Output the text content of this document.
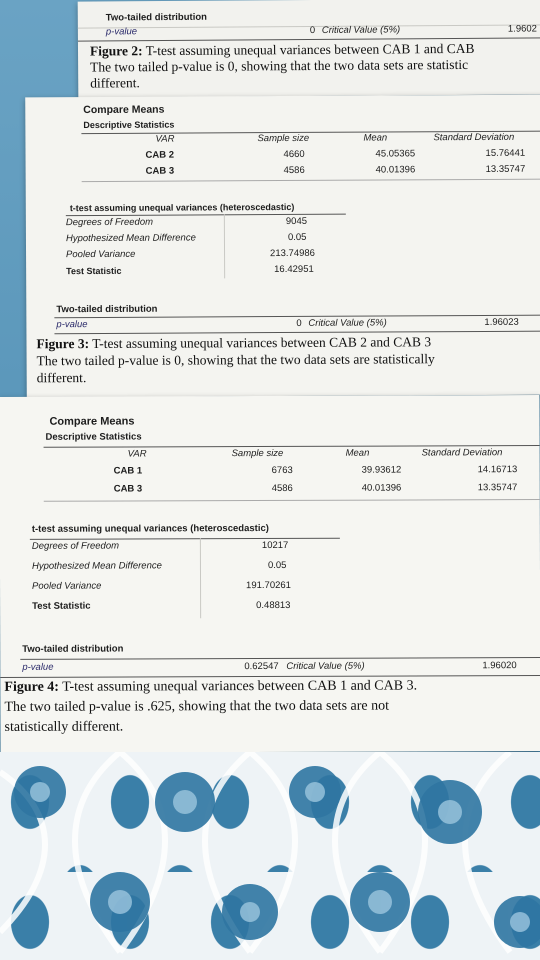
Two-tailed distribution
p-value	0 Critical Value (5%)	1.9602
Figure 2: T-test assuming unequal variances between CAB 1 and CAB
The two tailed p-value is 0, showing that the two data sets are statistic
different.
Compare Means
Descriptive Statistics
VAR	Sample size	Mean	Standard Deviation
CAB 2	4660	45.05365	15.76441
CAB 3	4586	40.01396	13.35747
t-test assuming unequal variances (heteroscedastic)
Degrees of Freedom	9045
Hypothesized Mean Difference	0.05
Pooled Variance	213.74986
Test Statistic	16.42951
Two-tailed distribution
p-value	0 Critical Value (5%)	1.96023
Figure 3: T-test assuming unequal variances between CAB 2 and CAB 3
The two tailed p-value is 0, showing that the two data sets are statistically
different.
Compare Means
Descriptive Statistics
VAR	Sample size	Mean	Standard Deviation
CAB 1	6763	39.93612	14.16713
CAB 3	4586	40.01396	13.35747
t-test assuming unequal variances (heteroscedastic)
Degrees of Freedom	10217
Hypothesized Mean Difference	0.05
Pooled Variance	191.70261
Test Statistic	0.48813
Two-tailed distribution
p-value	0.62547 Critical Value (5%)	1.96020
Figure 4: T-test assuming unequal variances between CAB 1 and CAB 3.
The two tailed p-value is .625, showing that the two data sets are not
statistically different.
